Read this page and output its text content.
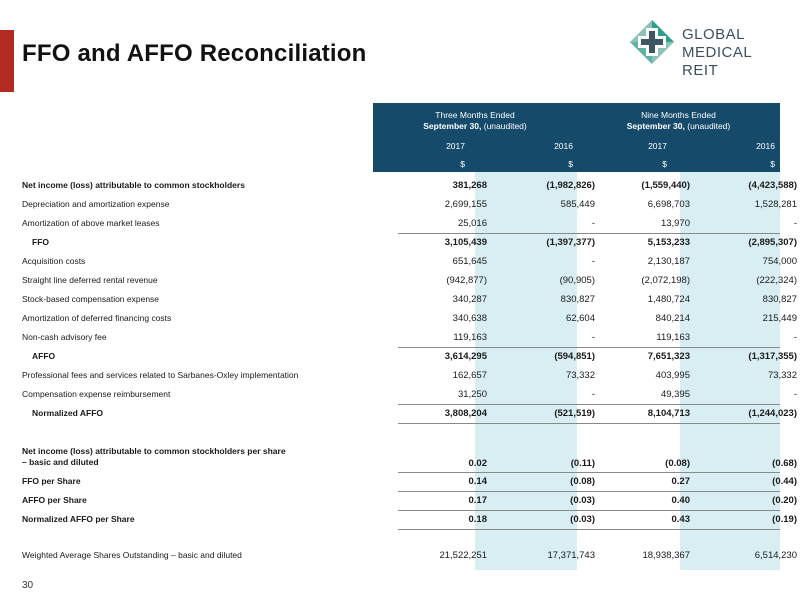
FFO and AFFO Reconciliation
GLOBAL
MEDICAL REIT
Three Months Ended
September 30, (unaudited)
Nine Months Ended
September 30, (unaudited)
2017	2016	2017	2016
$	$	$	$
Net income (loss) attributable to common stockholders	381,268	(1,982,826)	(1,559,440)	(4,423,588)
Depreciation and amortization expense	2,699,155	585,449	6,698,703	1,528,281
Amortization of above market leases	25,016	-	13,970	-
FFO	3,105,439	(1,397,377)	5,153,233	(2,895,307)
Acquisition costs	651,645	-	2,130,187	754,000
Straight line deferred rental revenue	(942,877)	(90,905)	(2,072,198)	(222,324)
Stock-based compensation expense	340,287	830,827	1,480,724	830,827
Amortization of deferred financing costs	340,638	62,604	840,214	215,449
Non-cash advisory fee	119,163	-	119,163	-
AFFO	3,614,295	(594,851)	7,651,323	(1,317,355)
Professional fees and services related to Sarbanes-Oxley implementation	162,657	73,332	403,995	73,332
Compensation expense reimbursement	31,250	-	49,395	-
Normalized AFFO	3,808,204	(521,519)	8,104,713	(1,244,023)
Net income (loss) attributable to common stockholders per share
– basic and diluted	0.02	(0.11)	(0.08)	(0.68)
FFO per Share	0.14	(0.08)	0.27	(0.44)
AFFO per Share	0.17	(0.03)	0.40	(0.20)
Normalized AFFO per Share	0.18	(0.03)	0.43	(0.19)
Weighted Average Shares Outstanding – basic and diluted	21,522,251	17,371,743	18,938,367	6,514,230
30
